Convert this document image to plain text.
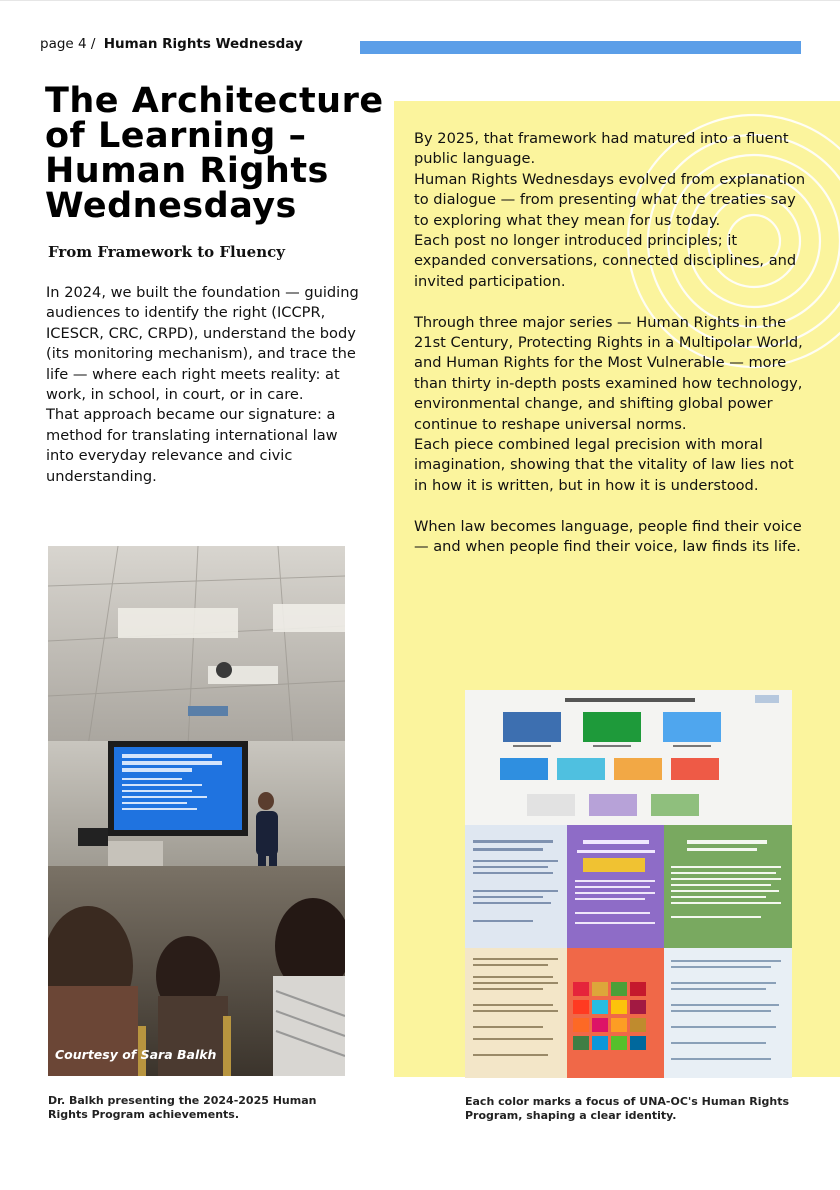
page 4 / Human Rights Wednesday
The Architecture of Learning – Human Rights Wednesdays
From Framework to Fluency
In 2024, we built the foundation — guiding audiences to identify the right (ICCPR, ICESCR, CRC, CRPD), understand the body (its monitoring mechanism), and trace the life — where each right meets reality: at work, in school, in court, or in care.
That approach became our signature: a method for translating international law into everyday relevance and civic understanding.
By 2025, that framework had matured into a fluent public language.
Human Rights Wednesdays evolved from explanation to dialogue — from presenting what the treaties say to exploring what they mean for us today.
Each post no longer introduced principles; it expanded conversations, connected disciplines, and invited participation.
Through three major series — Human Rights in the 21st Century, Protecting Rights in a Multipolar World, and Human Rights for the Most Vulnerable — more than thirty in-depth posts examined how technology, environmental change, and shifting global power continue to reshape universal norms.
Each piece combined legal precision with moral imagination, showing that the vitality of law lies not in how it is written, but in how it is understood.
When law becomes language, people find their voice — and when people find their voice, law finds its life.
Courtesy of Sara Balkh
Dr. Balkh presenting the 2024-2025 Human Rights Program achievements.
Each color marks a focus of UNA-OC's Human Rights Program, shaping a clear identity.
